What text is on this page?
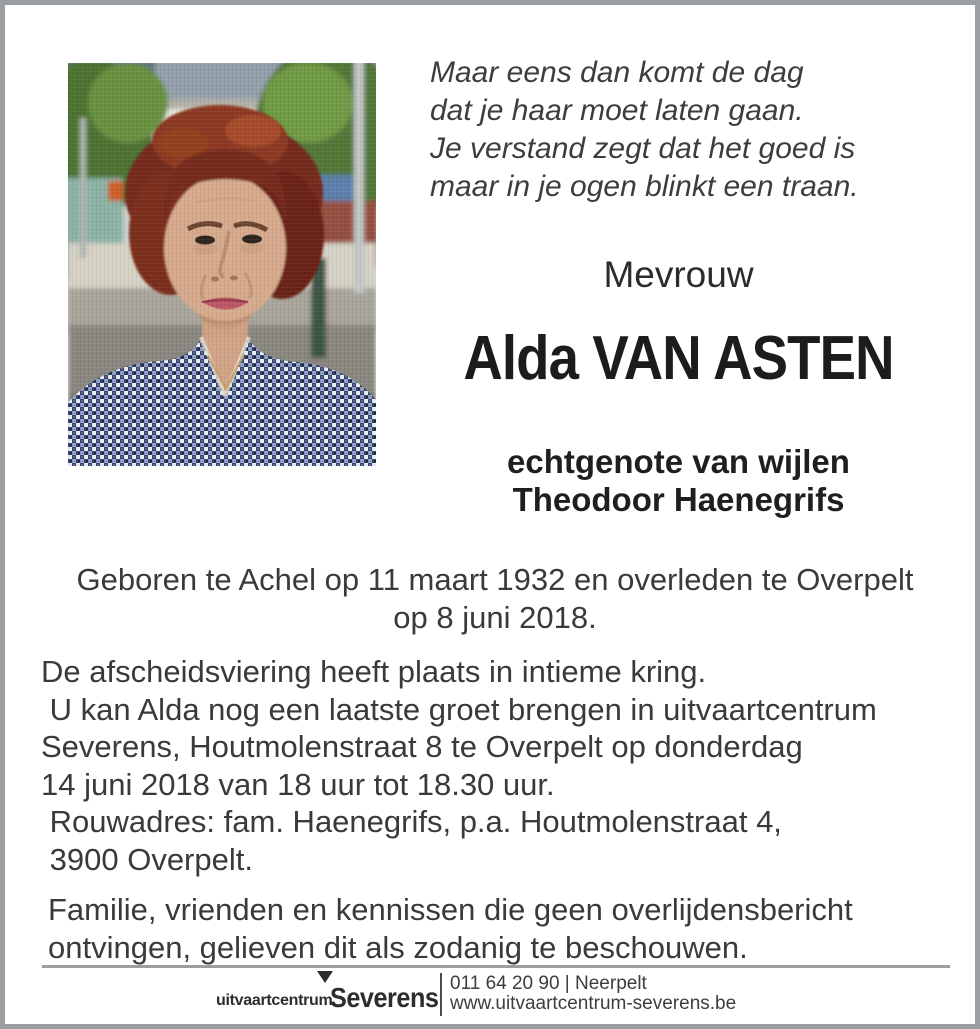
Maar eens dan komt de dag
dat je haar moet laten gaan.
Je verstand zegt dat het goed is
maar in je ogen blinkt een traan.
Mevrouw
Alda VAN ASTEN
echtgenote van wijlen
Theodoor Haenegrifs
Geboren te Achel op 11 maart 1932 en overleden te Overpelt
op 8 juni 2018.
De afscheidsviering heeft plaats in intieme kring.
U kan Alda nog een laatste groet brengen in uitvaartcentrum
Severens, Houtmolenstraat 8 te Overpelt op donderdag
14 juni 2018 van 18 uur tot 18.30 uur.
Rouwadres: fam. Haenegrifs, p.a. Houtmolenstraat 4,
3900 Overpelt.
Familie, vrienden en kennissen die geen overlijdensbericht
ontvingen, gelieven dit als zodanig te beschouwen.
uitvaartcentrum
Severens 011 64 20 90 | Neerpelt
www.uitvaartcentrum-severens.be
